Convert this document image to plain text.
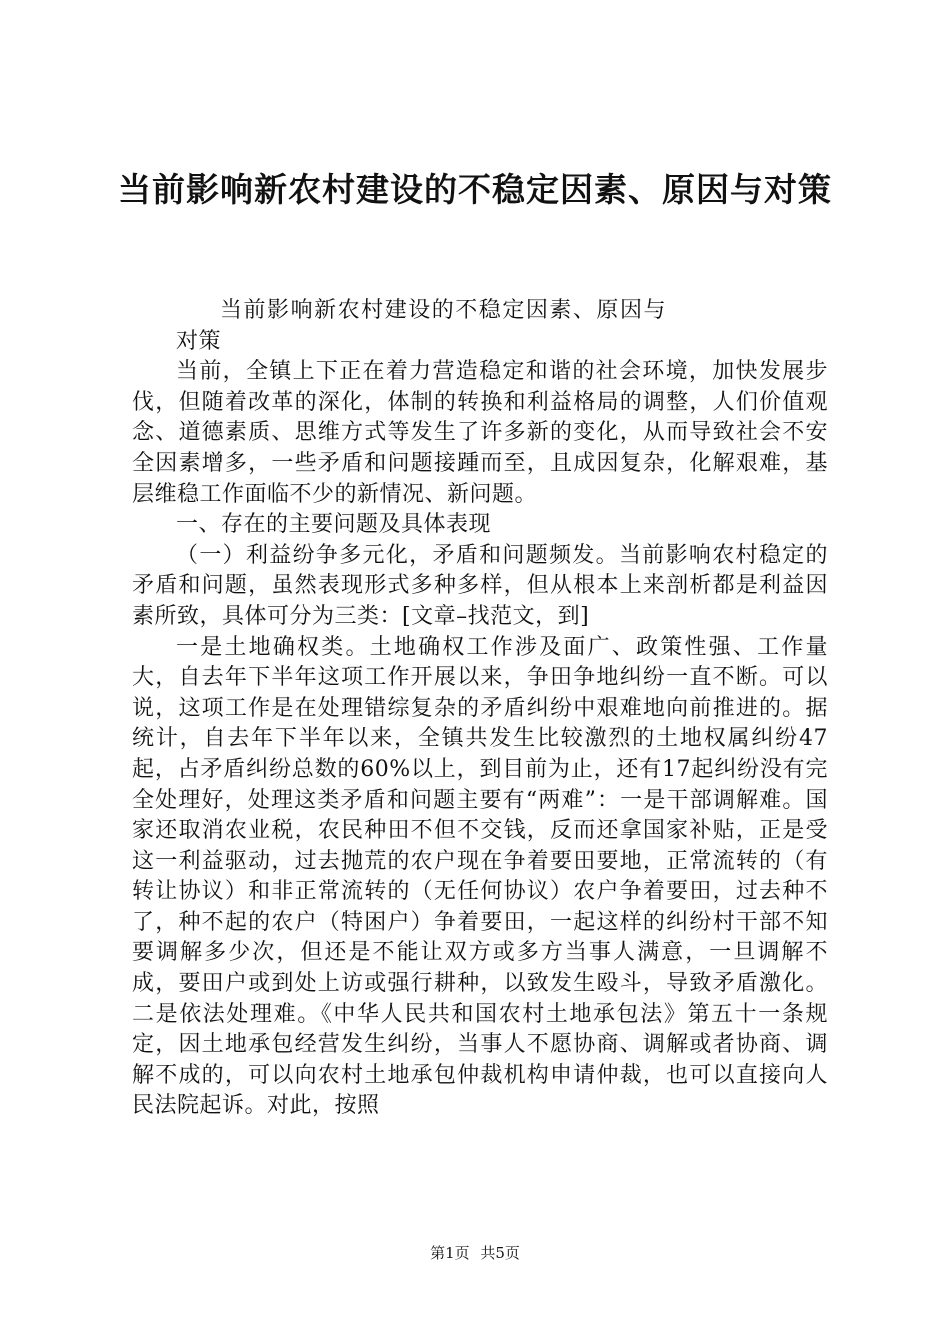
当前影响新农村建设的不稳定因素、原因与对策

当前影响新农村建设的不稳定因素、原因与对策

当前，全镇上下正在着力营造稳定和谐的社会环境，加快发展步伐，但随着改革的深化，体制的转换和利益格局的调整，人们价值观念、道德素质、思维方式等发生了许多新的变化，从而导致社会不安全因素增多，一些矛盾和问题接踵而至，且成因复杂，化解艰难，基层维稳工作面临不少的新情况、新问题。

一、存在的主要问题及具体表现

（一）利益纷争多元化，矛盾和问题频发。当前影响农村稳定的矛盾和问题，虽然表现形式多种多样，但从根本上来剖析都是利益因素所致，具体可分为三类：[文章–找范文，到]

一是土地确权类。土地确权工作涉及面广、政策性强、工作量大，自去年下半年这项工作开展以来，争田争地纠纷一直不断。可以说，这项工作是在处理错综复杂的矛盾纠纷中艰难地向前推进的。据统计，自去年下半年以来，全镇共发生比较激烈的土地权属纠纷47起，占矛盾纠纷总数的60%以上，到目前为止，还有17起纠纷没有完全处理好，处理这类矛盾和问题主要有“两难”：一是干部调解难。国家还取消农业税，农民种田不但不交钱，反而还拿国家补贴，正是受这一利益驱动，过去抛荒的农户现在争着要田要地，正常流转的（有转让协议）和非正常流转的（无任何协议）农户争着要田，过去种不了，种不起的农户（特困户）争着要田，一起这样的纠纷村干部不知要调解多少次，但还是不能让双方或多方当事人满意，一旦调解不成，要田户或到处上访或强行耕种，以致发生殴斗，导致矛盾激化。二是依法处理难。《中华人民共和国农村土地承包法》第五十一条规定，因土地承包经营发生纠纷，当事人不愿协商、调解或者协商、调解不成的，可以向农村土地承包仲裁机构申请仲裁，也可以直接向人民法院起诉。对此，按照

第1页 共5页
